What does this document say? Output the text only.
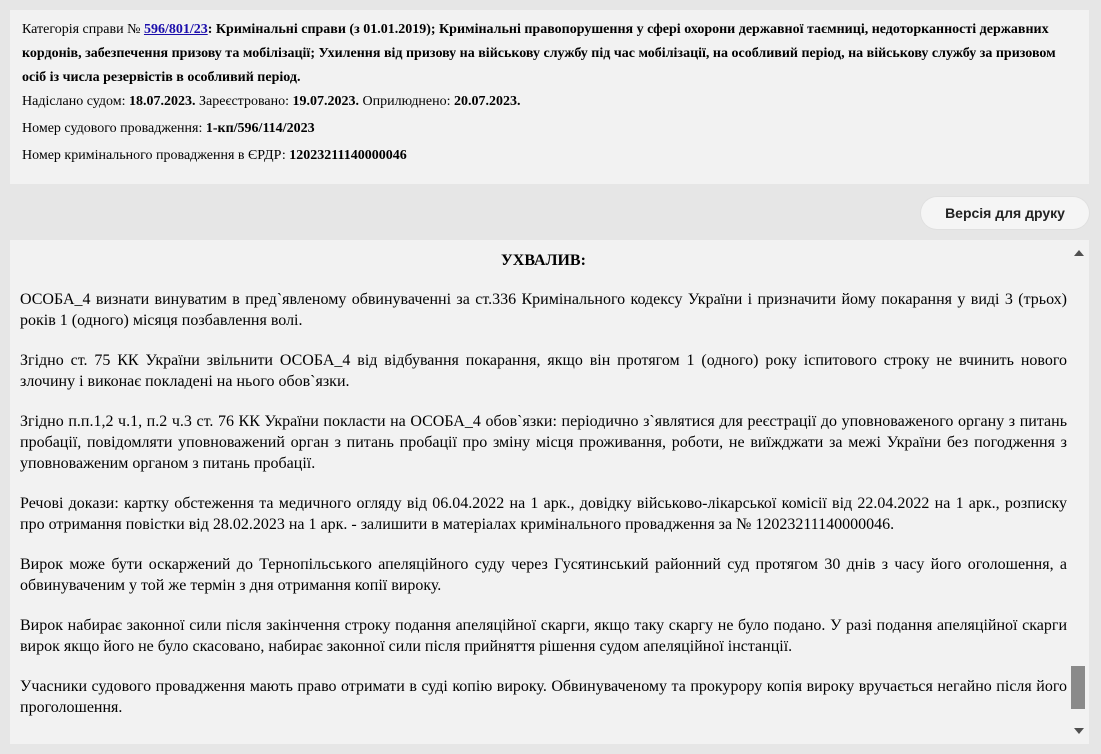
Категорія справи № 596/801/23: Кримінальні справи (з 01.01.2019); Кримінальні правопорушення у сфері охорони державної таємниці, недоторканності державних кордонів, забезпечення призову та мобілізації; Ухилення від призову на військову службу під час мобілізації, на особливий період, на військову службу за призовом осіб із числа резервістів в особливий період.
Надіслано судом: 18.07.2023. Зареєстровано: 19.07.2023. Оприлюднено: 20.07.2023.
Номер судового провадження: 1-кп/596/114/2023
Номер кримінального провадження в ЄРДР: 12023211140000046
Версія для друку
УХВАЛИВ:

ОСОБА_4 визнати винуватим в пред`явленому обвинуваченні за ст.336 Кримінального кодексу України і призначити йому покарання у виді 3 (трьох) років 1 (одного) місяця позбавлення волі.

Згідно ст. 75 КК України звільнити ОСОБА_4 від відбування покарання, якщо він протягом 1 (одного) року іспитового строку не вчинить нового злочину і виконає покладені на нього обов`язки.

Згідно п.п.1,2 ч.1, п.2 ч.3 ст. 76 КК України покласти на ОСОБА_4 обов`язки: періодично з`являтися для реєстрації до уповноваженого органу з питань пробації, повідомляти уповноважений орган з питань пробації про зміну місця проживання, роботи, не виїжджати за межі України без погодження з уповноваженим органом з питань пробації.

Речові докази: картку обстеження та медичного огляду від 06.04.2022 на 1 арк., довідку військово-лікарської комісії від 22.04.2022 на 1 арк., розписку про отримання повістки від 28.02.2023 на 1 арк. - залишити в матеріалах кримінального провадження за № 12023211140000046.

Вирок може бути оскаржений до Тернопільського апеляційного суду через Гусятинський районний суд протягом 30 днів з часу його оголошення, а обвинуваченим у той же термін з дня отримання копії вироку.

Вирок набирає законної сили після закінчення строку подання апеляційної скарги, якщо таку скаргу не було подано. У разі подання апеляційної скарги вирок якщо його не було скасовано, набирає законної сили після прийняття рішення судом апеляційної інстанції.

Учасники судового провадження мають право отримати в суді копію вироку. Обвинуваченому та прокурору копія вироку вручається негайно після його проголошення.
